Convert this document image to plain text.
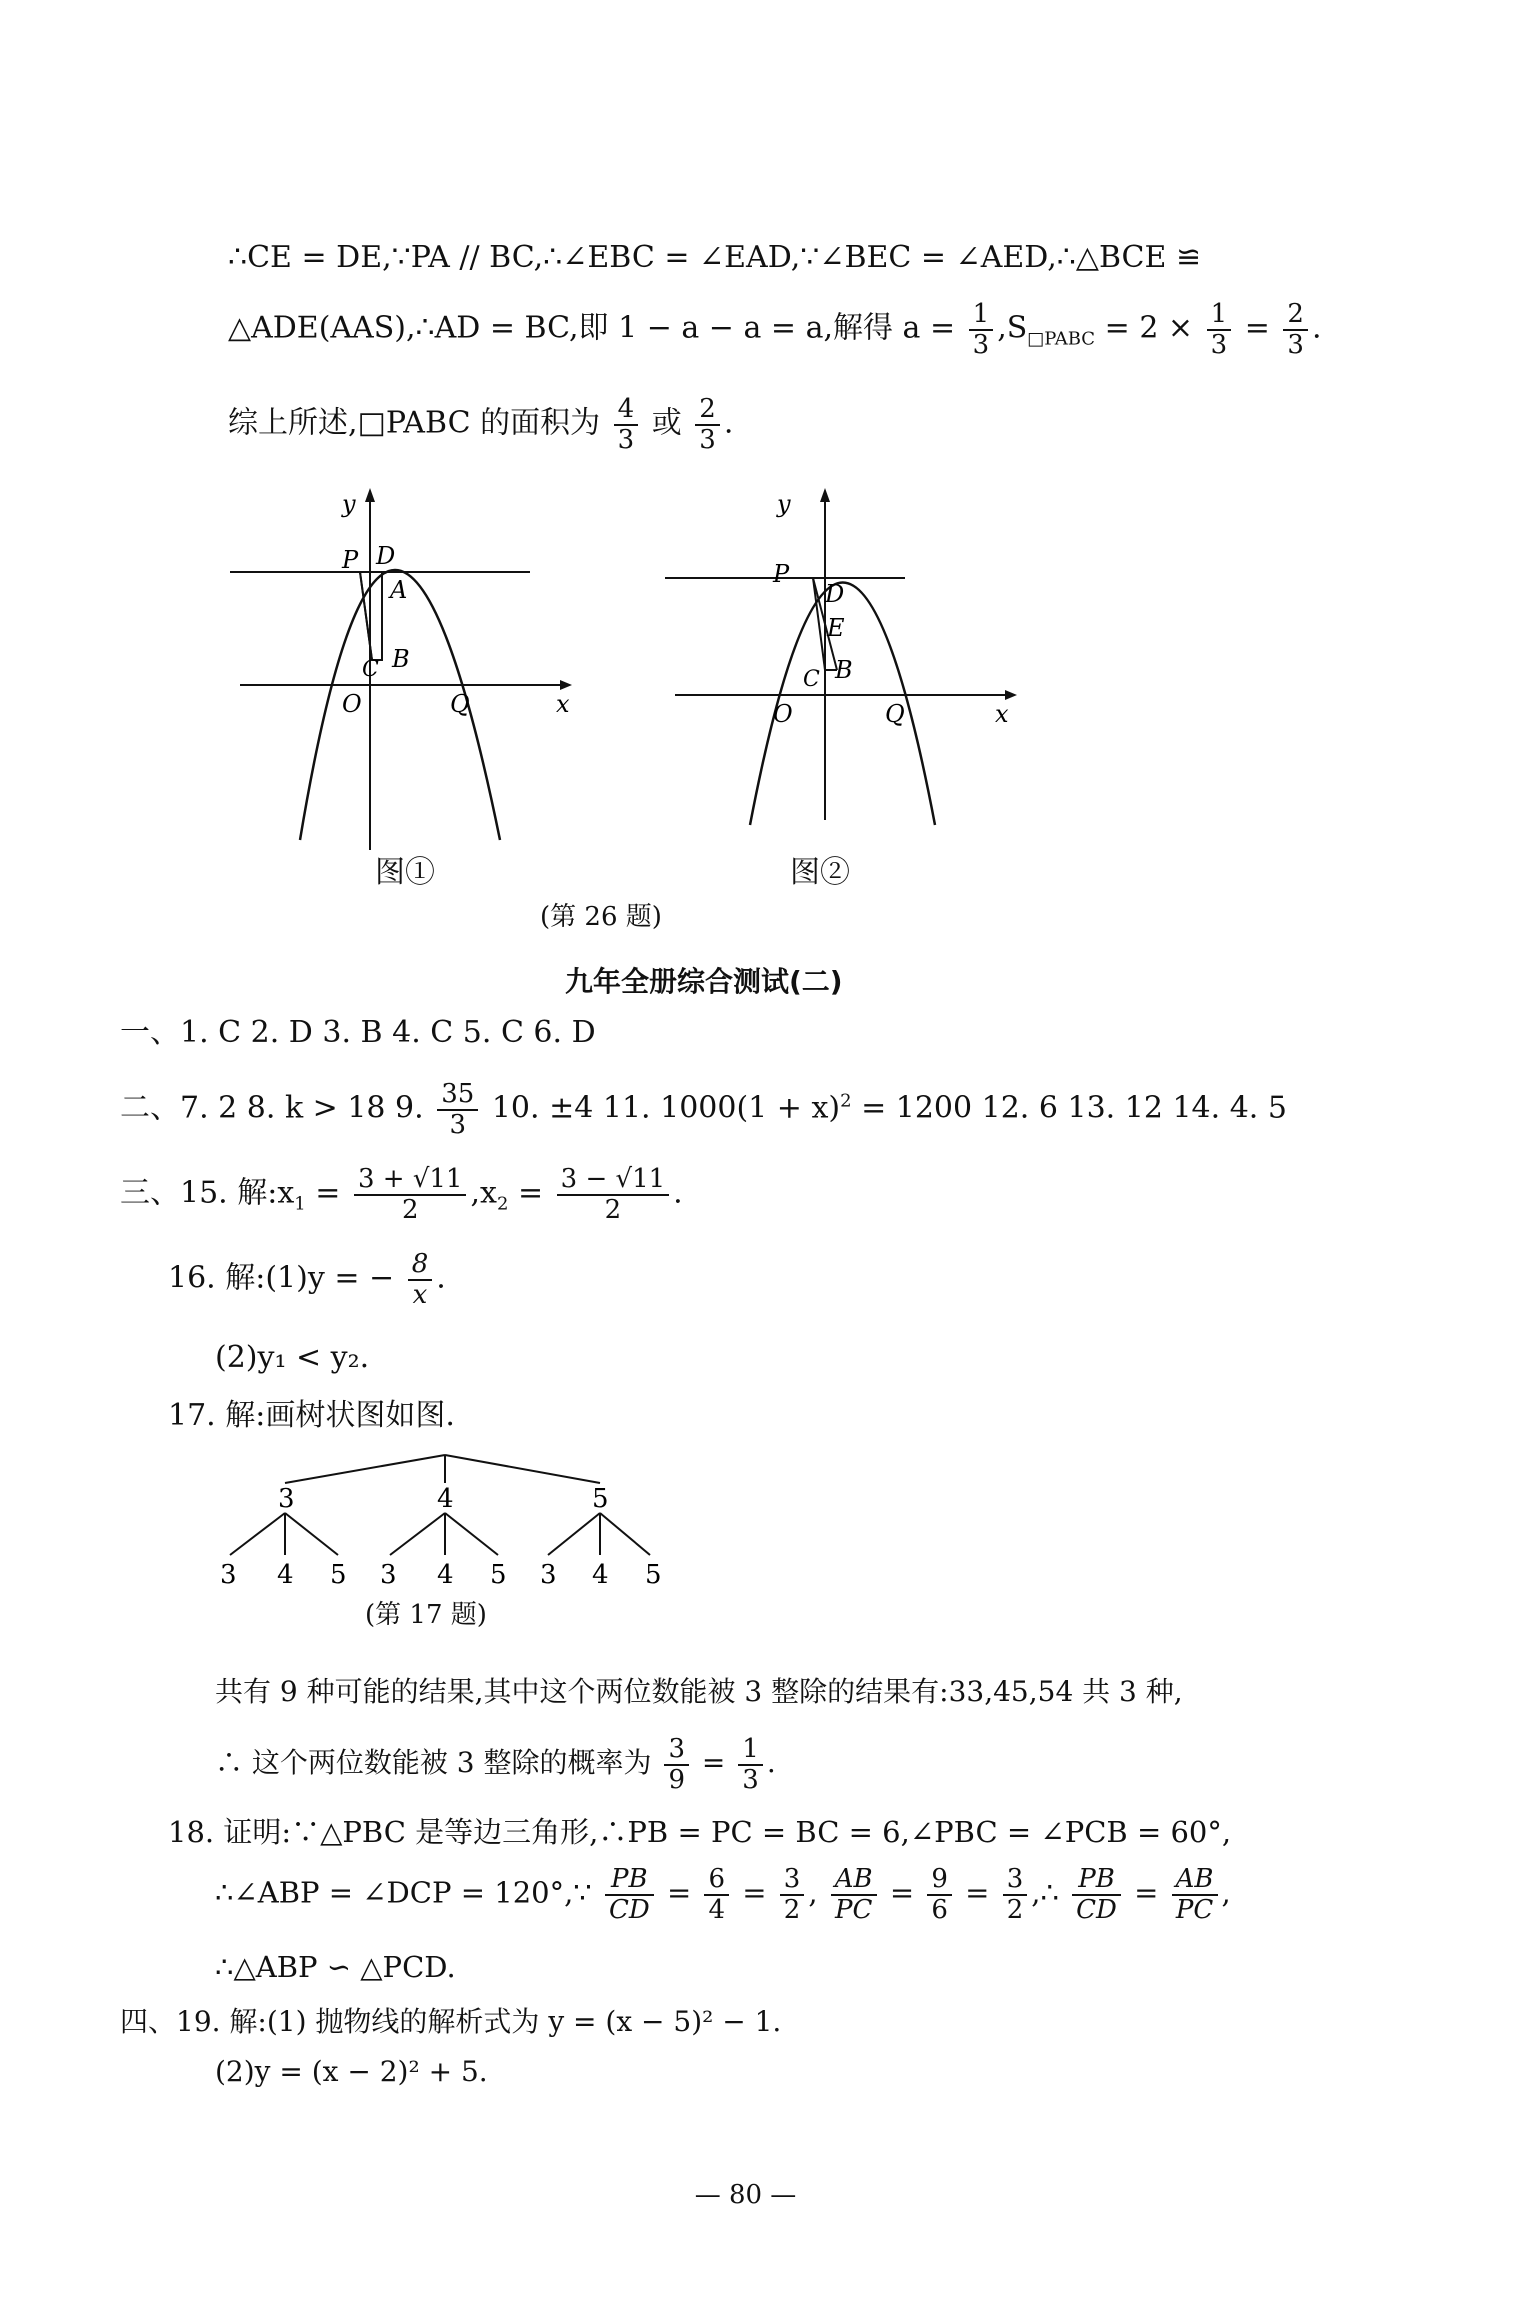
∴CE = DE,∵PA // BC,∴∠EBC = ∠EAD,∵∠BEC = ∠AED,∴△BCE ≌
△ADE(AAS),∴AD = BC,即 1 − a − a = a,解得 $a = \frac{1}{3} ,S_{□PABC} = 2 \times \frac{1}{3} = \frac{2}{3}$ .
综上所述,□PABC 的面积为 $\frac{4}{3}$ 或 $\frac{2}{3}$ .
y
P D
A
B
C
O	Q	x
图①
y
P
D
E
B
C
O	Q	x
图②
(第 26 题)
九年全册综合测试(二)
一、1. C 2. D 3. B 4. C 5. C 6. D
二、7. 2 8. k > 18 9. $\frac{35}{3} 10$. ±4 11. $1000(1 + x)^2 = 1200$ 12. 6 13. 12 14. 4. 5
三、15. 解$:x_1 = \frac{3 + √11}{2} ,x_2 = \frac{3 - √11}{2}$ .
16. 解:(1)y = − $\frac{8}{x}$ .
(2)y₁ < y₂.
17. 解:画树状图如图.
3	4	5
3 4 5 3 4 5 3 4 5
(第 17 题)
共有 9 种可能的结果,其中这个两位数能被 3 整除的结果有:33,45,54 共 3 种,
∴ 这个两位数能被 3 整除的概率为 $\frac{3}{9} = \frac{1}{3}$ .
18. 证明:∵△PBC 是等边三角形,∴PB = PC = BC = 6,∠PBC = ∠PCB = 60°,
∴∠ABP = ∠DCP = 120°,∵ $\frac{PB}{CD} = \frac{6}{4} = \frac{3}{2}$ , $\frac{AB}{PC} = \frac{9}{6} = \frac{3}{2}$ ,∴ $\frac{PB}{CD} = \frac{AB}{PC}$ ,
∴△ABP ∽ △PCD.
四、19. 解:(1) 抛物线的解析式为 y = (x − 5)² − 1.
(2)y = (x − 2)² + 5.
— 80 —
